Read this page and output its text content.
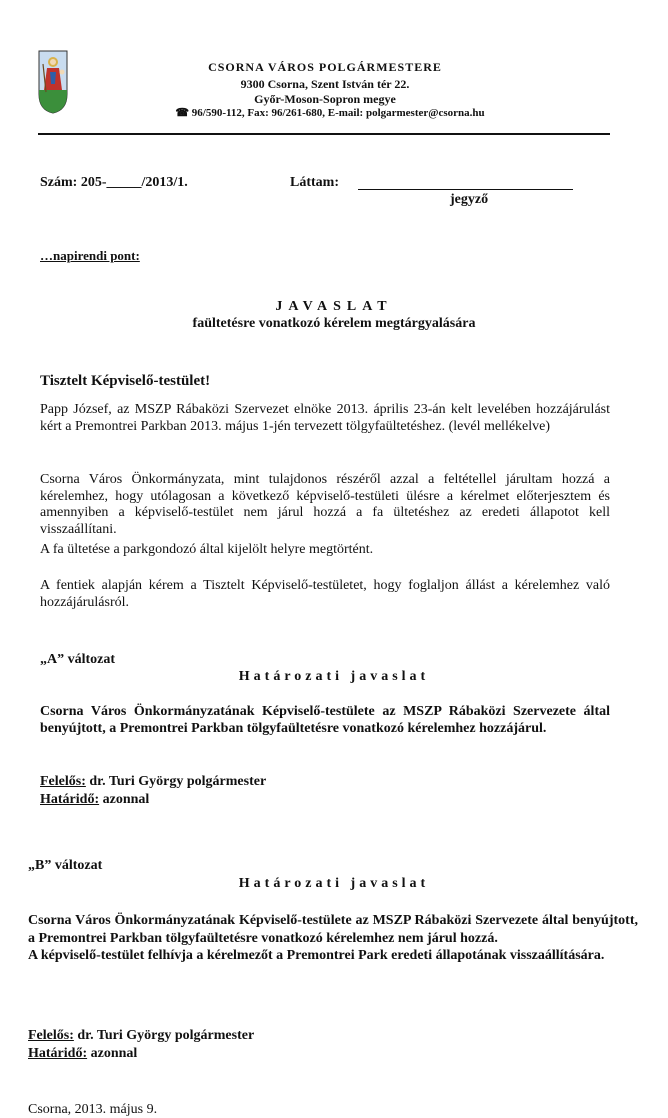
CSORNA VÁROS POLGÁRMESTERE
9300 Csorna, Szent István tér 22.
Győr-Moson-Sopron megye
☎ 96/590-112, Fax: 96/261-680, E-mail: polgarmester@csorna.hu
Szám: 205-_____/2013/1.	Láttam:
jegyző
…napirendi pont:
JAVASLAT
faültetésre vonatkozó kérelem megtárgyalására
Tisztelt Képviselő-testület!
Papp József, az MSZP Rábaközi Szervezet elnöke 2013. április 23-án kelt levelében hozzájárulást kért a Premontrei Parkban 2013. május 1-jén tervezett tölgyfaültetéshez. (levél mellékelve)
Csorna Város Önkormányzata, mint tulajdonos részéről azzal a feltétellel járultam hozzá a kérelemhez, hogy utólagosan a következő képviselő-testületi ülésre a kérelmet előterjesztem és amennyiben a képviselő-testület nem járul hozzá a fa ültetéshez az eredeti állapotot kell visszaállítani.
A fa ültetése a parkgondozó által kijelölt helyre megtörtént.
A fentiek alapján kérem a Tisztelt Képviselő-testületet, hogy foglaljon állást a kérelemhez való hozzájárulásról.
„A” változat
Határozati javaslat
Csorna Város Önkormányzatának Képviselő-testülete az MSZP Rábaközi Szervezete által benyújtott, a Premontrei Parkban tölgyfaültetésre vonatkozó kérelemhez hozzájárul.
Felelős: dr. Turi György polgármester
Határidő: azonnal
„B” változat
Határozati javaslat
Csorna Város Önkormányzatának Képviselő-testülete az MSZP Rábaközi Szervezete által benyújtott, a Premontrei Parkban tölgyfaültetésre vonatkozó kérelemhez nem járul hozzá.
A képviselő-testület felhívja a kérelmezőt a Premontrei Park eredeti állapotának visszaállítására.
Felelős: dr. Turi György polgármester
Határidő: azonnal
Csorna, 2013. május 9.
